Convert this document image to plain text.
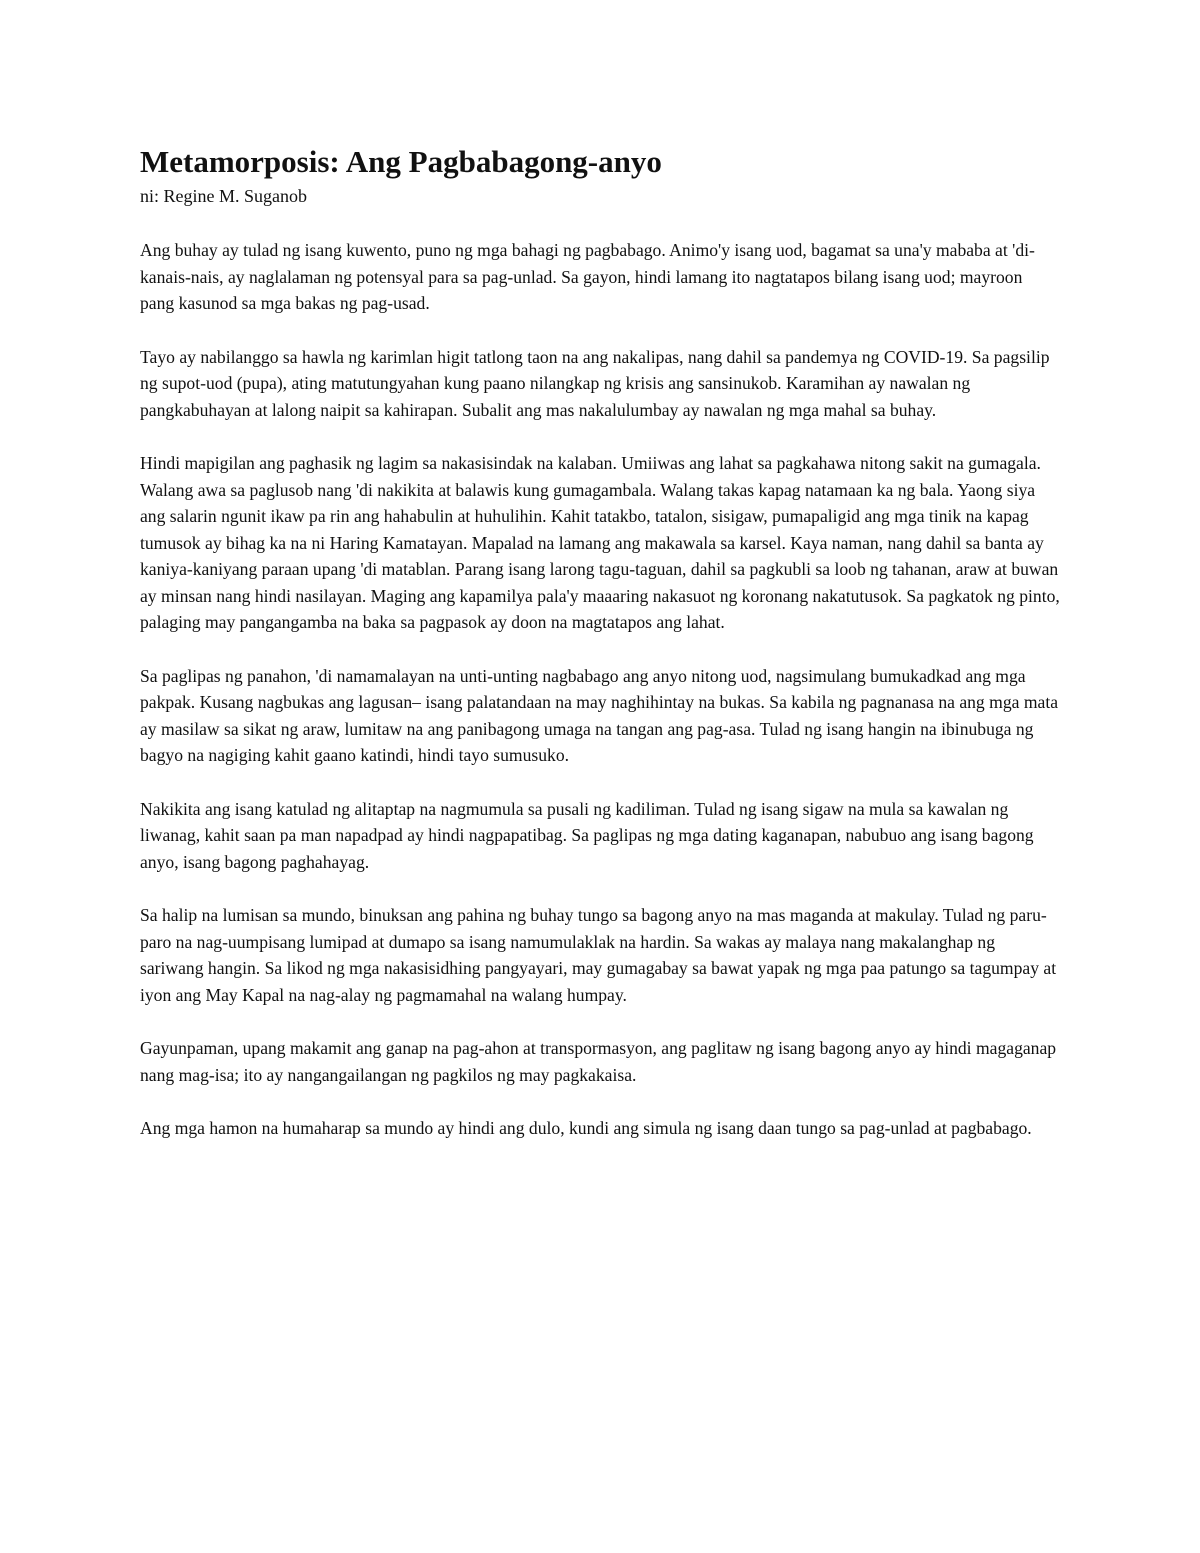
Metamorposis: Ang Pagbabagong-anyo

ni: Regine M. Suganob

Ang buhay ay tulad ng isang kuwento, puno ng mga bahagi ng pagbabago. Animo'y isang uod, bagamat sa una'y mababa at 'di-kanais-nais, ay naglalaman ng potensyal para sa pag-unlad. Sa gayon, hindi lamang ito nagtatapos bilang isang uod; mayroon pang kasunod sa mga bakas ng pag-usad.

Tayo ay nabilanggo sa hawla ng karimlan higit tatlong taon na ang nakalipas, nang dahil sa pandemya ng COVID-19. Sa pagsilip ng supot-uod (pupa), ating matutungyahan kung paano nilangkap ng krisis ang sansinukob. Karamihan ay nawalan ng pangkabuhayan at lalong naipit sa kahirapan. Subalit ang mas nakalulumbay ay nawalan ng mga mahal sa buhay.

Hindi mapigilan ang paghasik ng lagim sa nakasisindak na kalaban. Umiiwas ang lahat sa pagkahawa nitong sakit na gumagala. Walang awa sa paglusob nang 'di nakikita at balawis kung gumagambala. Walang takas kapag natamaan ka ng bala. Yaong siya ang salarin ngunit ikaw pa rin ang hahabulin at huhulihin. Kahit tatakbo, tatalon, sisigaw, pumapaligid ang mga tinik na kapag tumusok ay bihag ka na ni Haring Kamatayan. Mapalad na lamang ang makawala sa karsel. Kaya naman, nang dahil sa banta ay kaniya-kaniyang paraan upang 'di matablan. Parang isang larong tagu-taguan, dahil sa pagkubli sa loob ng tahanan, araw at buwan ay minsan nang hindi nasilayan. Maging ang kapamilya pala'y maaaring nakasuot ng koronang nakatutusok. Sa pagkatok ng pinto, palaging may pangangamba na baka sa pagpasok ay doon na magtatapos ang lahat.

Sa paglipas ng panahon, 'di namamalayan na unti-unting nagbabago ang anyo nitong uod, nagsimulang bumukadkad ang mga pakpak. Kusang nagbukas ang lagusan– isang palatandaan na may naghihintay na bukas. Sa kabila ng pagnanasa na ang mga mata ay masilaw sa sikat ng araw, lumitaw na ang panibagong umaga na tangan ang pag-asa. Tulad ng isang hangin na ibinubuga ng bagyo na nagiging kahit gaano katindi, hindi tayo sumusuko.

Nakikita ang isang katulad ng alitaptap na nagmumula sa pusali ng kadiliman. Tulad ng isang sigaw na mula sa kawalan ng liwanag, kahit saan pa man napadpad ay hindi nagpapatibag. Sa paglipas ng mga dating kaganapan, nabubuo ang isang bagong anyo, isang bagong paghahayag.

Sa halip na lumisan sa mundo, binuksan ang pahina ng buhay tungo sa bagong anyo na mas maganda at makulay. Tulad ng paru-paro na nag-uumpisang lumipad at dumapo sa isang namumulaklak na hardin. Sa wakas ay malaya nang makalanghap ng sariwang hangin. Sa likod ng mga nakasisidhing pangyayari, may gumagabay sa bawat yapak ng mga paa patungo sa tagumpay at iyon ang May Kapal na nag-alay ng pagmamahal na walang humpay.

Gayunpaman, upang makamit ang ganap na pag-ahon at transpormasyon, ang paglitaw ng isang bagong anyo ay hindi magaganap nang mag-isa; ito ay nangangailangan ng pagkilos ng may pagkakaisa.

Ang mga hamon na humaharap sa mundo ay hindi ang dulo, kundi ang simula ng isang daan tungo sa pag-unlad at pagbabago.
